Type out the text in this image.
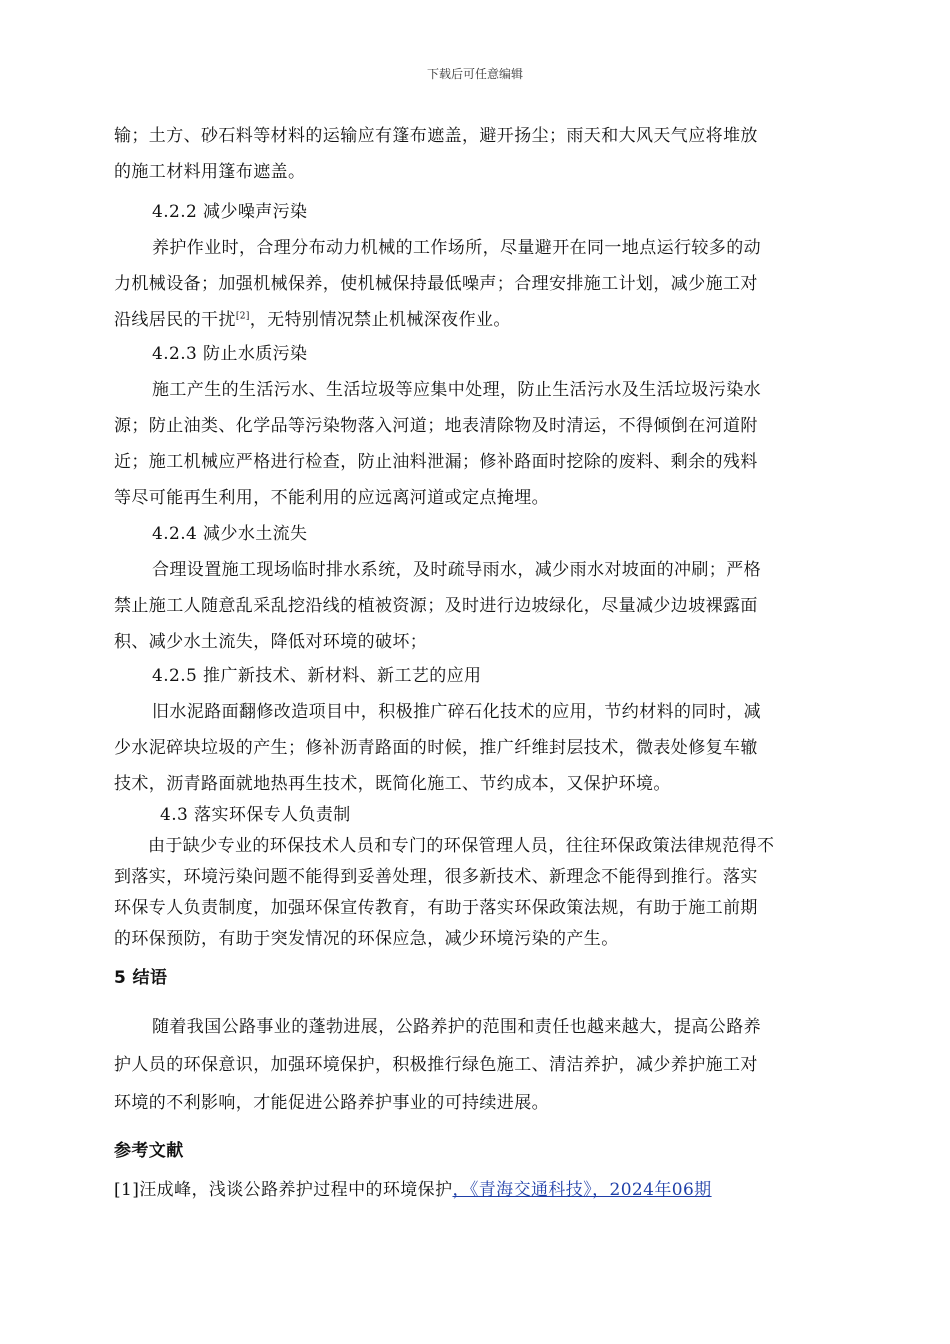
下载后可任意编辑
输；土方、砂石料等材料的运输应有篷布遮盖，避开扬尘；雨天和大风天气应将堆放
的施工材料用篷布遮盖。
4.2.2 减少噪声污染
养护作业时，合理分布动力机械的工作场所，尽量避开在同一地点运行较多的动
力机械设备；加强机械保养，使机械保持最低噪声；合理安排施工计划，减少施工对
沿线居民的干扰[2]，无特别情况禁止机械深夜作业。
4.2.3 防止水质污染
施工产生的生活污水、生活垃圾等应集中处理，防止生活污水及生活垃圾污染水
源；防止油类、化学品等污染物落入河道；地表清除物及时清运，不得倾倒在河道附
近；施工机械应严格进行检查，防止油料泄漏；修补路面时挖除的废料、剩余的残料
等尽可能再生利用，不能利用的应远离河道或定点掩埋。
4.2.4 减少水土流失
合理设置施工现场临时排水系统，及时疏导雨水，减少雨水对坡面的冲刷；严格
禁止施工人随意乱采乱挖沿线的植被资源；及时进行边坡绿化，尽量减少边坡裸露面
积、减少水土流失，降低对环境的破坏；
4.2.5 推广新技术、新材料、新工艺的应用
旧水泥路面翻修改造项目中，积极推广碎石化技术的应用，节约材料的同时，减
少水泥碎块垃圾的产生；修补沥青路面的时候，推广纤维封层技术，微表处修复车辙
技术，沥青路面就地热再生技术，既简化施工、节约成本，又保护环境。
4.3 落实环保专人负责制
由于缺少专业的环保技术人员和专门的环保管理人员，往往环保政策法律规范得不
到落实，环境污染问题不能得到妥善处理，很多新技术、新理念不能得到推行。落实
环保专人负责制度，加强环保宣传教育，有助于落实环保政策法规，有助于施工前期
的环保预防，有助于突发情况的环保应急，减少环境污染的产生。
5 结语
随着我国公路事业的蓬勃进展，公路养护的范围和责任也越来越大，提高公路养
护人员的环保意识，加强环境保护，积极推行绿色施工、清洁养护，减少养护施工对
环境的不利影响，才能促进公路养护事业的可持续进展。
参考文献
[1]汪成峰，浅谈公路养护过程中的环境保护，《青海交通科技》，2024年06期
